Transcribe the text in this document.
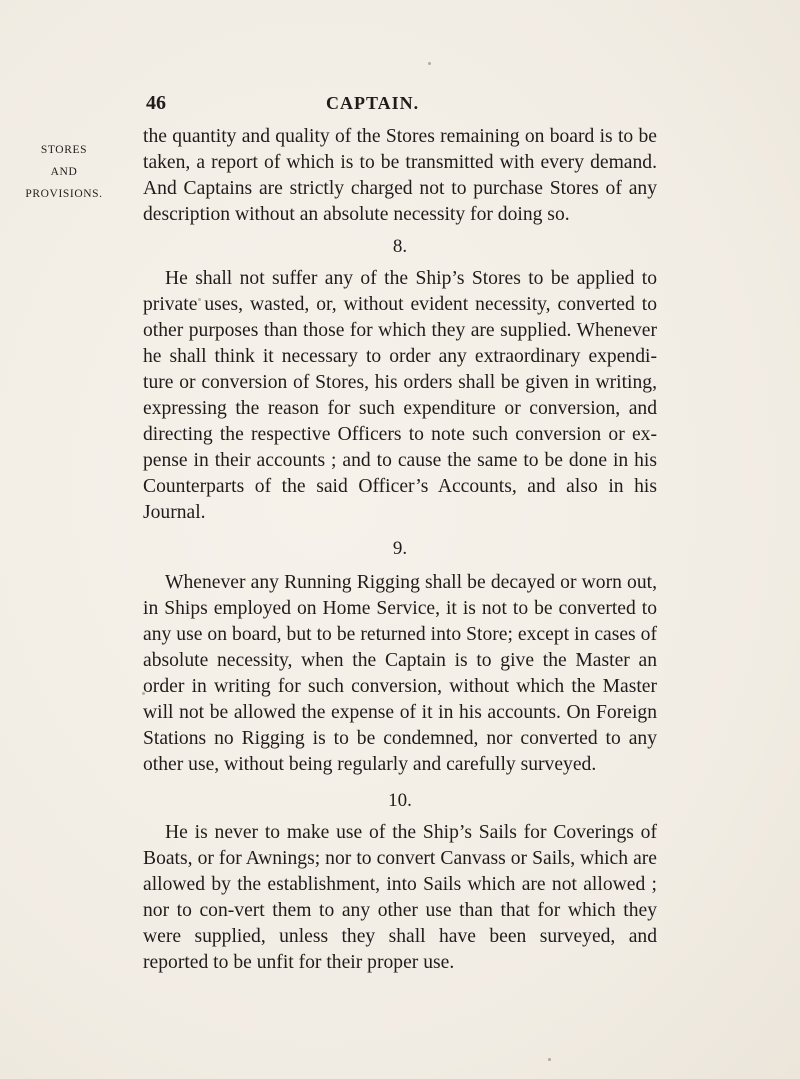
46	CAPTAIN.
STORES
AND
PROVISIONS.

the quantity and quality of the Stores remaining on board is to be taken, a report of which is to be transmitted with every demand. And Captains are strictly charged not to purchase Stores of any description without an absolute necessity for doing so.

8.

He shall not suffer any of the Ship’s Stores to be applied to private uses, wasted, or, without evident necessity, converted to other purposes than those for which they are supplied. Whenever he shall think it necessary to order any extraordinary expendi-ture or conversion of Stores, his orders shall be given in writing, expressing the reason for such expenditure or conversion, and directing the respective Officers to note such conversion or ex-pense in their accounts ; and to cause the same to be done in his Counterparts of the said Officer’s Accounts, and also in his Journal.

9.

Whenever any Running Rigging shall be decayed or worn out, in Ships employed on Home Service, it is not to be converted to any use on board, but to be returned into Store; except in cases of absolute necessity, when the Captain is to give the Master an order in writing for such conversion, without which the Master will not be allowed the expense of it in his accounts. On Foreign Stations no Rigging is to be condemned, nor converted to any other use, without being regularly and carefully surveyed.

10.

He is never to make use of the Ship’s Sails for Coverings of Boats, or for Awnings; nor to convert Canvass or Sails, which are allowed by the establishment, into Sails which are not allowed ; nor to con-vert them to any other use than that for which they were supplied, unless they shall have been surveyed, and reported to be unfit for their proper use.
